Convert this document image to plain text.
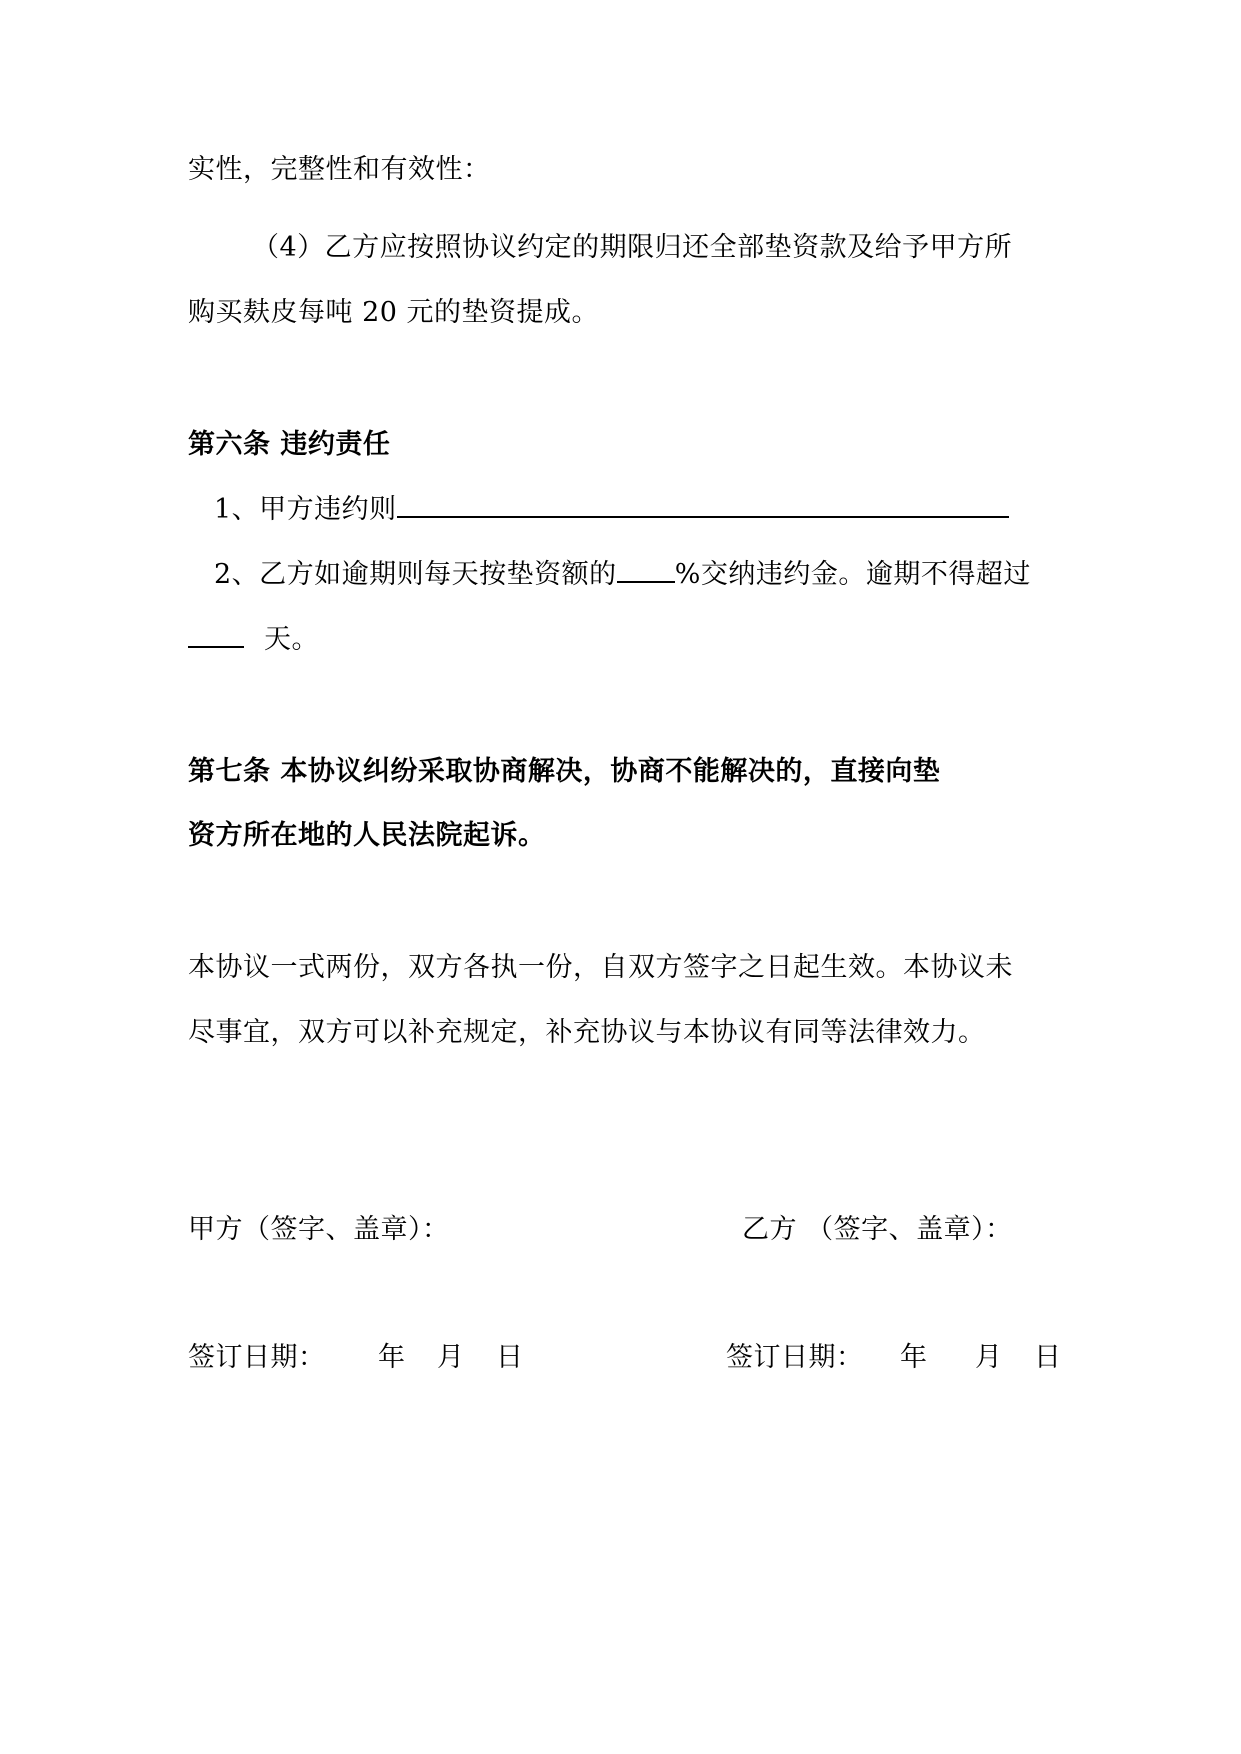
实性，完整性和有效性：
（4）乙方应按照协议约定的期限归还全部垫资款及给予甲方所
购买麸皮每吨 20 元的垫资提成。
第六条 违约责任
1、甲方违约则
2、乙方如逾期则每天按垫资额的 %交纳违约金。逾期不得超过
天。
第七条 本协议纠纷采取协商解决，协商不能解决的，直接向垫
资方所在地的人民法院起诉。
本协议一式两份，双方各执一份，自双方签字之日起生效。本协议未
尽事宜，双方可以补充规定，补充协议与本协议有同等法律效力。
甲方（签字、盖章）：	乙方 （签字、盖章）：
签订日期： 年 月 日	签订日期： 年 月 日
